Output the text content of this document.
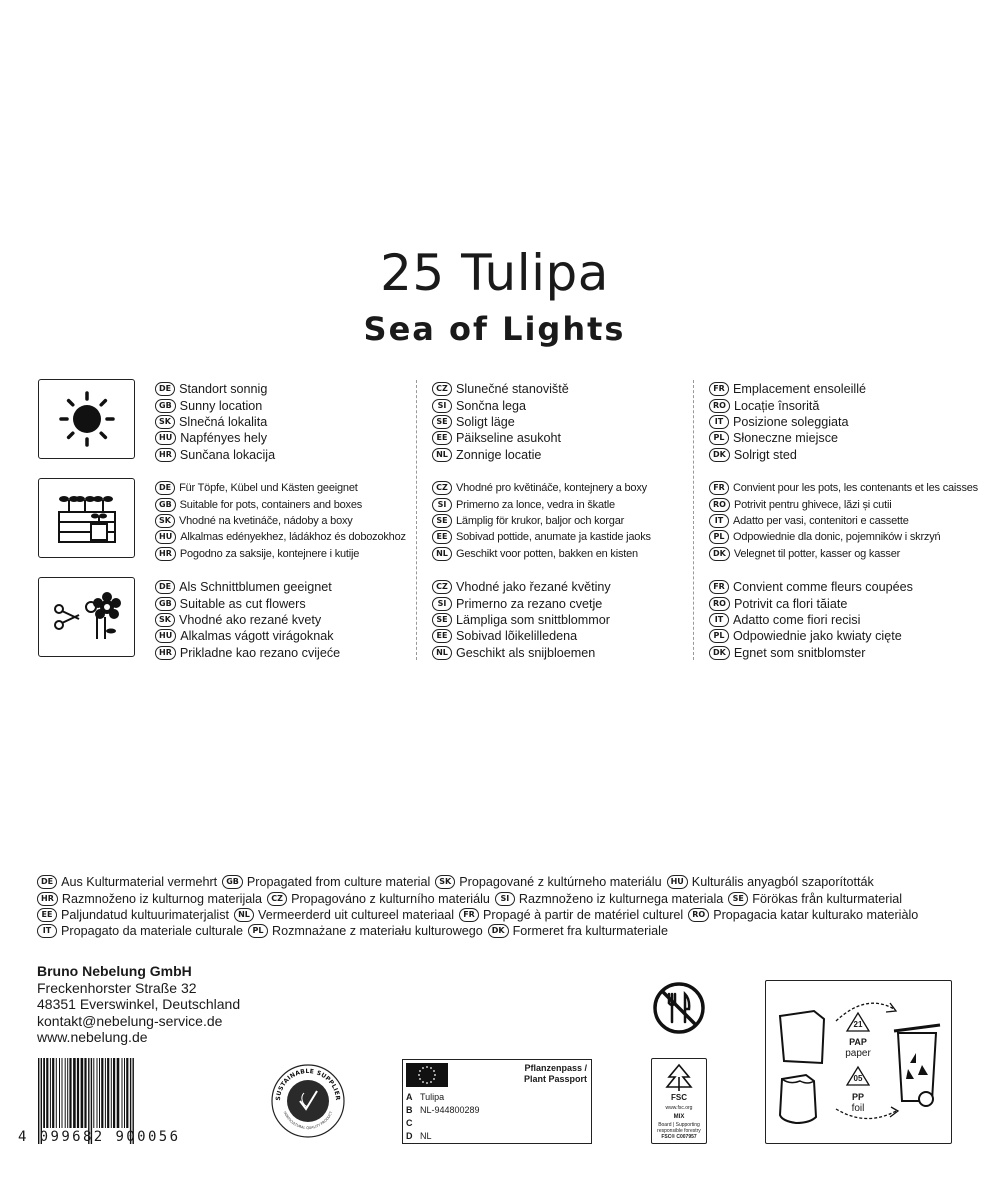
25 Tulipa
Sea of Lights
DE Standort sonnig
GB Sunny location
SK Slnečná lokalita
HU Napfényes hely
HR Sunčana lokacija
CZ Slunečné stanoviště
SI Sončna lega
SE Soligt läge
EE Päikseline asukoht
NL Zonnige locatie
FR Emplacement ensoleillé
RO Locație însorită
IT Posizione soleggiata
PL Słoneczne miejsce
DK Solrigt sted
DE Für Töpfe, Kübel und Kästen geeignet
GB Suitable for pots, containers and boxes
SK Vhodné na kvetináče, nádoby a boxy
HU Alkalmas edényekhez, ládákhoz és dobozokhoz
HR Pogodno za saksije, kontejnere i kutije
CZ Vhodné pro květináče, kontejnery a boxy
SI Primerno za lonce, vedra in škatle
SE Lämplig för krukor, baljor och korgar
EE Sobivad pottide, anumate ja kastide jaoks
NL Geschikt voor potten, bakken en kisten
FR Convient pour les pots, les contenants et les caisses
RO Potrivit pentru ghivece, lăzi și cutii
IT Adatto per vasi, contenitori e cassette
PL Odpowiednie dla donic, pojemników i skrzyń
DK Velegnet til potter, kasser og kasser
DE Als Schnittblumen geeignet
GB Suitable as cut flowers
SK Vhodné ako rezané kvety
HU Alkalmas vágott virágoknak
HR Prikladne kao rezano cvijeće
CZ Vhodné jako řezané květiny
SI Primerno za rezano cvetje
SE Lämpliga som snittblommor
EE Sobivad lõikelilledena
NL Geschikt als snijbloemen
FR Convient comme fleurs coupées
RO Potrivit ca flori tăiate
IT Adatto come fiori recisi
PL Odpowiednie jako kwiaty cięte
DK Egnet som snitblomster
DE Aus Kulturmaterial vermehrt	GB Propagated from culture material	SK Propagované z kultúrneho materiálu	HU Kulturális anyagból szaporították
HR Razmnoženo iz kulturnog materijala	CZ Propagováno z kulturního materiálu	SI Razmnoženo iz kulturnega materiala	SE Förökas från kulturmaterial
EE Paljundatud kultuurimaterjalist	NL Vermeerderd uit cultureel materiaal	FR Propagé à partir de matériel culturel	RO Propagacia katar kulturako materiàlo
IT Propagato da materiale culturale	PL Rozmnażane z materiału kulturowego	DK Formeret fra kulturmateriale
Bruno Nebelung GmbH
Freckenhorster Straße 32
48351 Everswinkel, Deutschland
kontakt@nebelung-service.de
www.nebelung.de
4 099682 900056
SUSTAINABLE SUPPLIER
HORTICULTURAL QUALITY PRODUCT
Pflanzenpass /
Plant Passport
A Tulipa
B NL-944800289
C
D NL
FSC
www.fsc.org
MIX
Board | Supporting responsible forestry
FSC® C007957
21
PAP
paper
05
PP
foil
